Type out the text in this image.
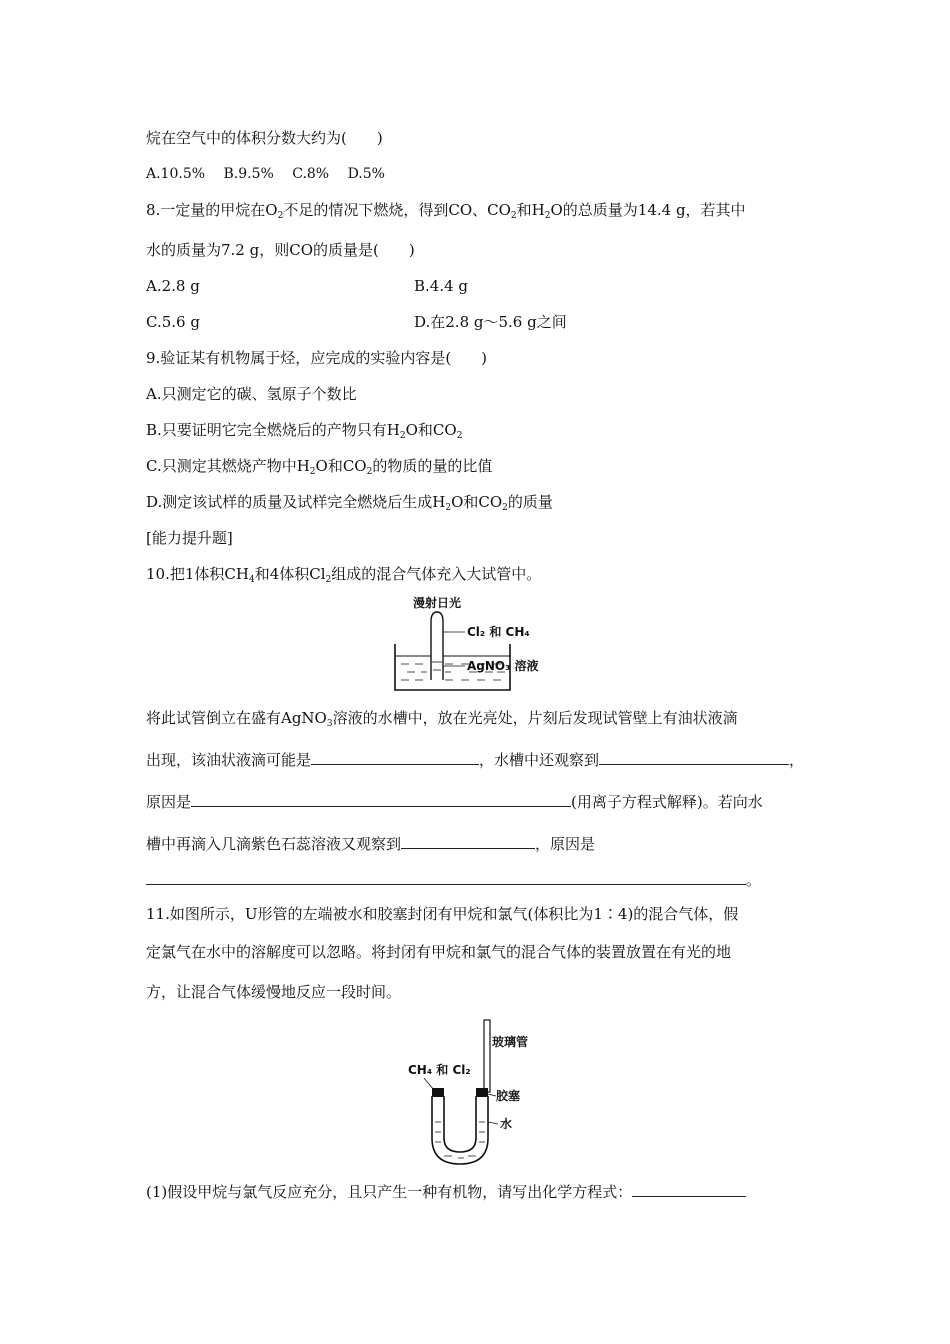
烷在空气中的体积分数大约为(　　)
A.10.5%　 B.9.5%　 C.8%　 D.5%
8.一定量的甲烷在$O_2$不足的情况下燃烧，得到CO、$CO_2$和$H_2O$的总质量为14.4 g，若其中
水的质量为7.2 g，则CO的质量是(　　)
A.2.8 g	B.4.4 g
C.5.6 g	D.在2.8 g～5.6 g之间
9.验证某有机物属于烃，应完成的实验内容是(　　)
A.只测定它的碳、氢原子个数比
B.只要证明它完全燃烧后的产物只有$H_2O$和$CO_2$
C.只测定其燃烧产物中$H_2O$和$CO_2$的物质的量的比值
D.测定该试样的质量及试样完全燃烧后生成$H_2O$和$CO_2$的质量
[能力提升题]
10.把1体积$CH_4$和4体积$Cl_2$组成的混合气体充入大试管中。
漫射日光
Cl₂ 和 CH₄
AgNO₃ 溶液
将此试管倒立在盛有AgNO$_3$溶液的水槽中，放在光亮处，片刻后发现试管壁上有油状液滴
出现，该油状液滴可能是	，水槽中还观察到	，
原因是	(用离子方程式解释)。若向水
槽中再滴入几滴紫色石蕊溶液又观察到	，原因是
。
11.如图所示，U形管的左端被水和胶塞封闭有甲烷和氯气(体积比为1∶4)的混合气体，假
定氯气在水中的溶解度可以忽略。将封闭有甲烷和氯气的混合气体的装置放置在有光的地
方，让混合气体缓慢地反应一段时间。
玻璃管
CH₄ 和 Cl₂
胶塞
水
(1)假设甲烷与氯气反应充分，且只产生一种有机物，请写出化学方程式：
